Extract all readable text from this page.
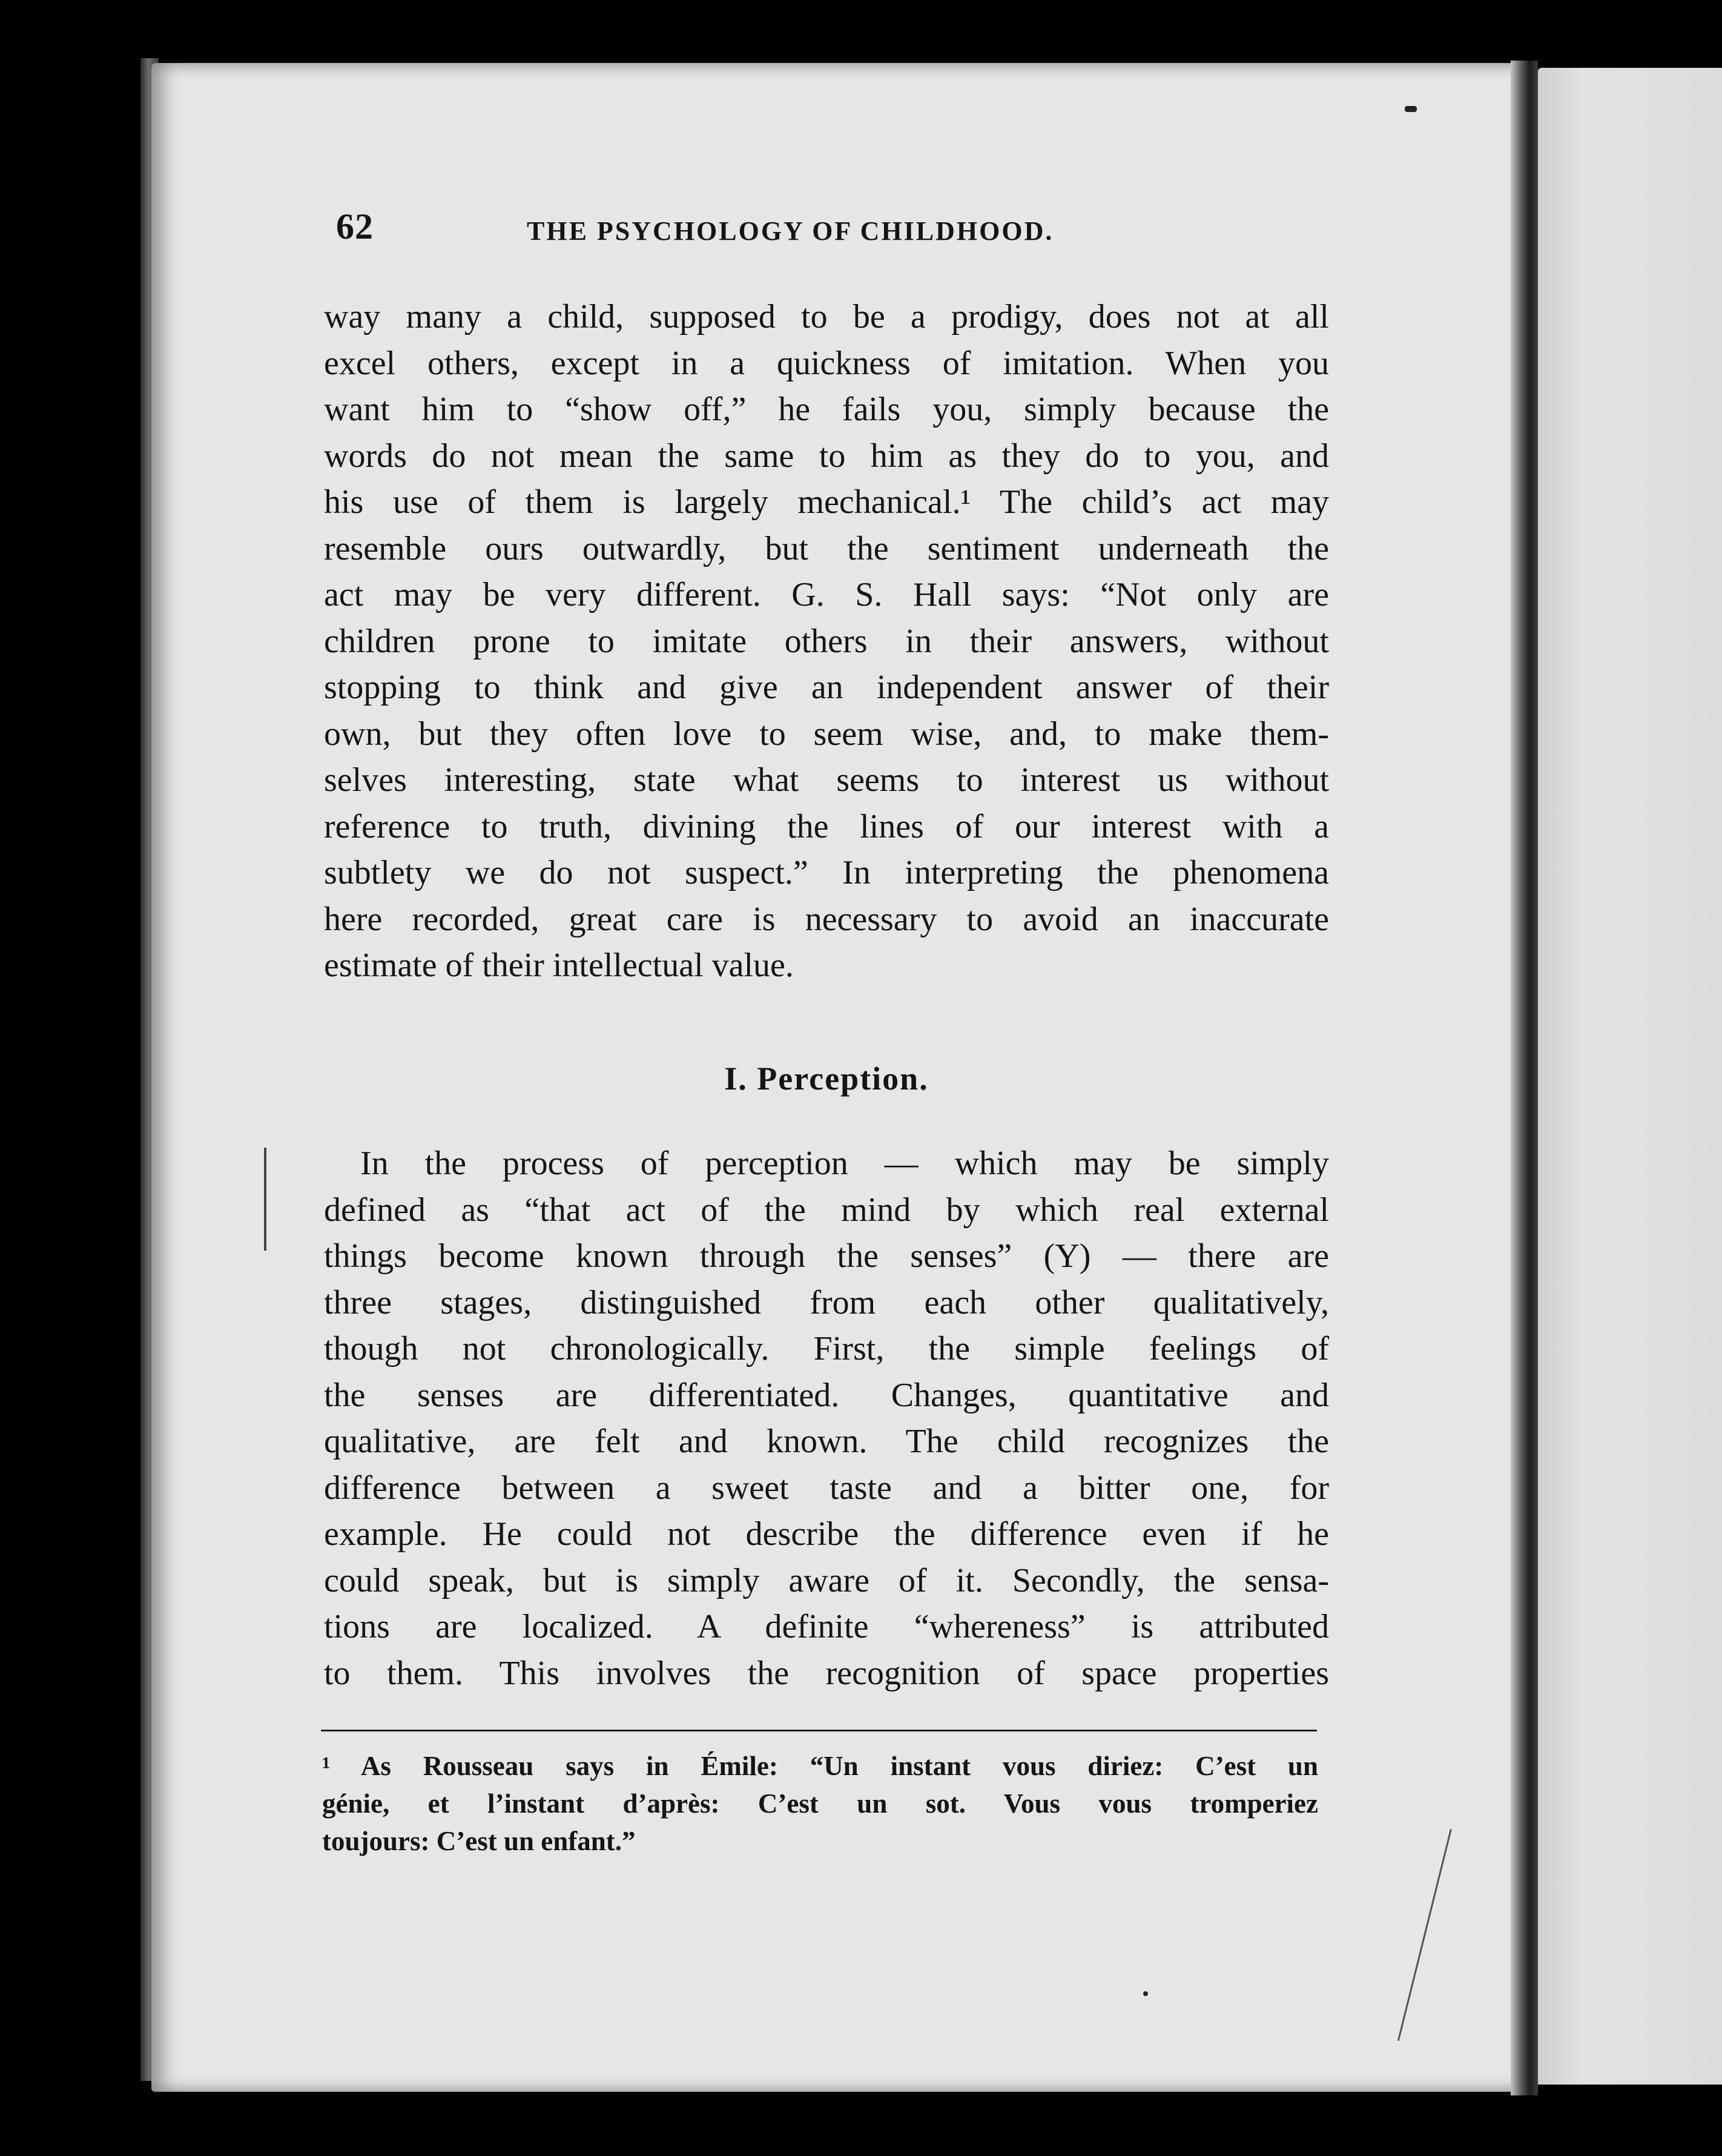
62	THE PSYCHOLOGY OF CHILDHOOD.
way many a child, supposed to be a prodigy, does not at all
excel others, except in a quickness of imitation. When you
want him to “show off,” he fails you, simply because the
words do not mean the same to him as they do to you, and
his use of them is largely mechanical.¹ The child’s act may
resemble ours outwardly, but the sentiment underneath the
act may be very different. G. S. Hall says: “Not only are
children prone to imitate others in their answers, without
stopping to think and give an independent answer of their
own, but they often love to seem wise, and, to make them-
selves interesting, state what seems to interest us without
reference to truth, divining the lines of our interest with a
subtlety we do not suspect.” In interpreting the phenomena
here recorded, great care is necessary to avoid an inaccurate
estimate of their intellectual value.
I. Perception.
In the process of perception — which may be simply
defined as “that act of the mind by which real external
things become known through the senses” (Y) — there are
three stages, distinguished from each other qualitatively,
though not chronologically. First, the simple feelings of
the senses are differentiated. Changes, quantitative and
qualitative, are felt and known. The child recognizes the
difference between a sweet taste and a bitter one, for
example. He could not describe the difference even if he
could speak, but is simply aware of it. Secondly, the sensa-
tions are localized. A definite “whereness” is attributed
to them. This involves the recognition of space properties
¹ As Rousseau says in Émile: “Un instant vous diriez: C’est un
génie, et l’instant d’après: C’est un sot. Vous vous tromperiez
toujours: C’est un enfant.”
